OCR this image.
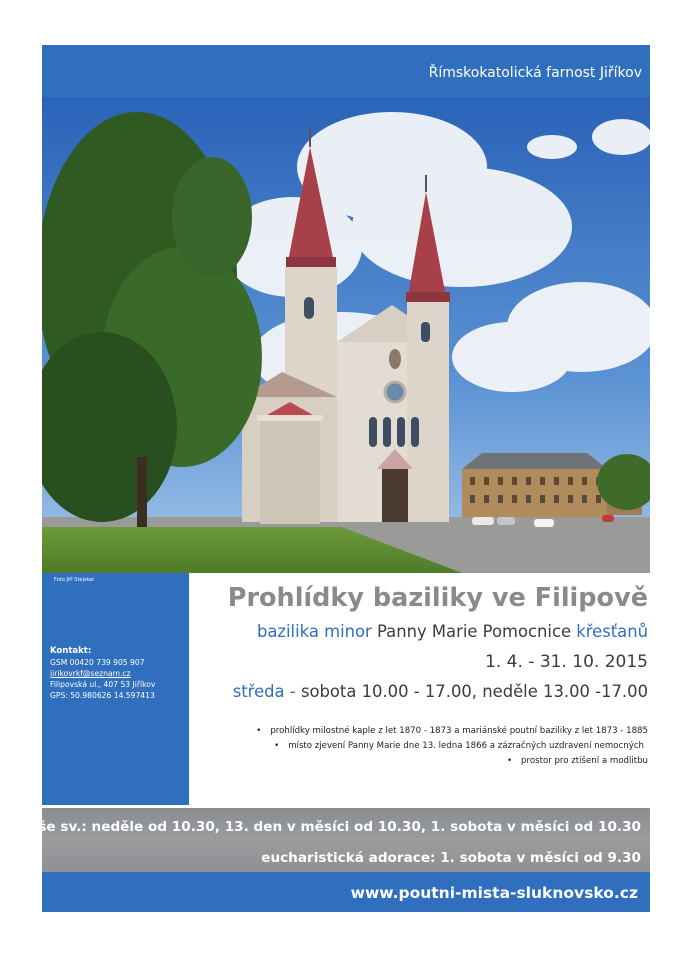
Římskokatolická farnost Jiříkov
Foto Jiří Stejskal
Kontakt:
GSM 00420 739 905 907
jirikovrkf@seznam.cz
Filipovská ul., 407 53 Jiříkov
GPS: 50.980626 14.597413
Prohlídky baziliky ve Filipově
bazilika minor Panny Marie Pomocnice křesťanů
1. 4. - 31. 10. 2015
středa - sobota 10.00 - 17.00, neděle 13.00 -17.00
• prohlídky milostné kaple z let 1870 - 1873 a mariánské poutní baziliky z let 1873 - 1885
• místo zjevení Panny Marie dne 13. ledna 1866 a zázračných uzdravení nemocných
• prostor pro ztišení a modlitbu
mše sv.: neděle od 10.30, 13. den v měsíci od 10.30, 1. sobota v měsíci od 10.30
eucharistická adorace: 1. sobota v měsíci od 9.30
www.poutni-mista-sluknovsko.cz
